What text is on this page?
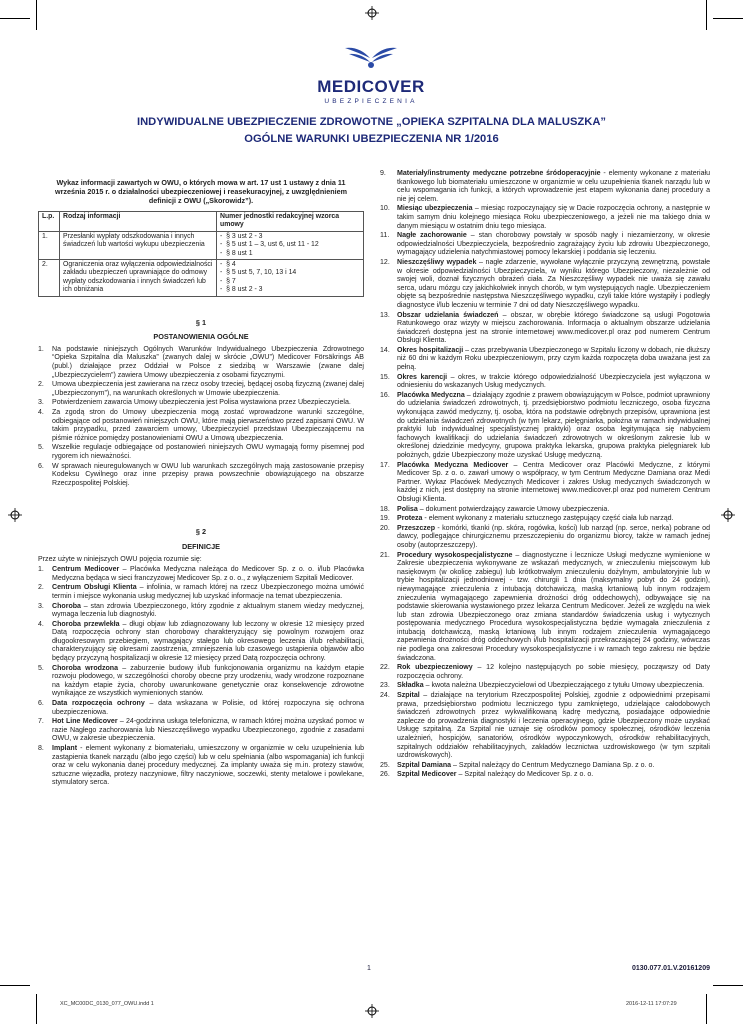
MEDICOVER
UBEZPIECZENIA
INDYWIDUALNE UBEZPIECZENIE ZDROWOTNE „OPIEKA SZPITALNA DLA MALUSZKA”
OGÓLNE WARUNKI UBEZPIECZENIA NR 1/2016
Wykaz informacji zawartych w OWU, o których mowa w art. 17 ust 1 ustawy z dnia 11 września 2015 r. o działalności ubezpieczeniowej i reasekuracyjnej, z uwzględnieniem definicji z OWU („Skorowidz”).
L.p.	Rodzaj informacji	Numer jednostki redakcyjnej wzorca umowy
1.	Przesłanki wypłaty odszkodowania i innych świadczeń lub wartości wykupu ubezpieczenia	-  § 3 ust 2 - 3
-  § 5 ust 1 – 3, ust 6, ust 11 - 12
-  § 8 ust 1

2.	Ograniczenia oraz wyłączenia odpowiedzialności zakładu ubezpieczeń uprawniające do odmowy wypłaty odszkodowania i innych świadczeń lub ich obniżania	-  § 4
-  § 5 ust 5, 7, 10, 13 i 14
-  § 7
-  § 8 ust 2 - 3
§ 1
POSTANOWIENIA OGÓLNE
1. Na podstawie niniejszych Ogólnych Warunków Indywidualnego Ubezpieczenia Zdrowotnego “Opieka Szpitalna dla Maluszka” (zwanych dalej w skrócie „OWU”) Medicover Försäkrings AB (publ.) działające przez Oddział w Polsce z siedzibą w Warszawie (zwane dalej „Ubezpieczycielem”) zawiera Umowy ubezpieczenia z osobami fizycznymi.
2. Umowa ubezpieczenia jest zawierana na rzecz osoby trzeciej, będącej osobą fizyczną (zwanej dalej „Ubezpieczonym”), na warunkach określonych w Umowie ubezpieczenia.
3. Potwierdzeniem zawarcia Umowy ubezpieczenia jest Polisa wystawiona przez Ubezpieczyciela.
4. Za zgodą stron do Umowy ubezpieczenia mogą zostać wprowadzone warunki szczególne, odbiegające od postanowień niniejszych OWU, które mają pierwszeństwo przed zapisami OWU. W takim przypadku, przed zawarciem umowy, Ubezpieczyciel przedstawi Ubezpieczającemu na piśmie różnice pomiędzy postanowieniami OWU a Umową ubezpieczenia.
5. Wszelkie regulacje odbiegające od postanowień niniejszych OWU wymagają formy pisemnej pod rygorem ich nieważności.
6. W sprawach nieuregulowanych w OWU lub warunkach szczególnych mają zastosowanie przepisy Kodeksu Cywilnego oraz inne przepisy prawa powszechnie obowiązującego na obszarze Rzeczpospolitej Polskiej.
§ 2
DEFINICJE

Przez użyte w niniejszych OWU pojęcia rozumie się:

1. Centrum Medicover – Placówka Medyczna należąca do Medicover Sp. z o. o. i/lub Placówka Medyczna będąca w sieci franczyzowej Medicover Sp. z o. o., z wyłączeniem Szpitali Medicover.
2. Centrum Obsługi Klienta – infolinia, w ramach której na rzecz Ubezpieczonego można umówić termin i miejsce wykonania usług medycznej lub uzyskać informacje na temat ubezpieczenia.
3. Choroba – stan zdrowia Ubezpieczonego, który zgodnie z aktualnym stanem wiedzy medycznej, wymaga leczenia lub diagnostyki.
4. Choroba przewlekła – długi objaw lub zdiagnozowany lub leczony w okresie 12 miesięcy przed Datą rozpoczęcia ochrony stan chorobowy charakteryzujący się powolnym rozwojem oraz długookresowym przebiegiem, wymagający stałego lub okresowego leczenia i/lub rehabilitacji, charakteryzujący się okresami zaostrzenia, zmniejszenia lub czasowego ustąpienia objawów albo będący przyczyną hospitalizacji w okresie 12 miesięcy przed Datą rozpoczęcia ochrony.
5. Choroba wrodzona – zaburzenie budowy i/lub funkcjonowania organizmu na każdym etapie rozwoju płodowego, w szczególności choroby obecne przy urodzeniu, wady wrodzone rozpoznane na każdym etapie życia, choroby uwarunkowane genetycznie oraz konsekwencje zdrowotne wynikające ze wszystkich wymienionych stanów.
6. Data rozpoczęcia ochrony – data wskazana w Polisie, od której rozpoczyna się ochrona ubezpieczeniowa.
7. Hot Line Medicover – 24-godzinna usługa telefoniczna, w ramach której można uzyskać pomoc w razie Nagłego zachorowania lub Nieszczęśliwego wypadku Ubezpieczonego, zgodnie z zasadami OWU, w zakresie ubezpieczenia.
8. Implant - element wykonany z biomateriału, umieszczony w organizmie w celu uzupełnienia lub zastąpienia tkanek narządu (albo jego części) lub w celu spełniania (albo wspomagania) ich funkcji oraz w celu wykonania danej procedury medycznej. Za implanty uważa się m.in. protezy stawów, sztuczne więzadła, protezy naczyniowe, filtry naczyniowe, soczewki, stenty metalowe i powlekane, stymulatory serca.
9. Materiały/instrumenty medyczne potrzebne śródoperacyjnie - elementy wykonane z materiału tkankowego lub biomateriału umieszczone w organizmie w celu uzupełnienia tkanek narządu lub w celu wspomagania ich funkcji, a których wprowadzenie jest etapem wykonania danej procedury a nie jej celem.
10. Miesiąc ubezpieczenia – miesiąc rozpoczynający się w Dacie rozpoczęcia ochrony, a następnie w takim samym dniu kolejnego miesiąca Roku ubezpieczeniowego, a jeżeli nie ma takiego dnia w danym miesiącu w ostatnim dniu tego miesiąca.
11. Nagłe zachorowanie – stan chorobowy powstały w sposób nagły i niezamierzony, w okresie odpowiedzialności Ubezpieczyciela, bezpośrednio zagrażający życiu lub zdrowiu Ubezpieczonego, wymagający udzielenia natychmiastowej pomocy lekarskiej i poddania się leczeniu.
12. Nieszczęśliwy wypadek – nagłe zdarzenie, wywołane wyłącznie przyczyną zewnętrzną, powstałe w okresie odpowiedzialności Ubezpieczyciela, w wyniku którego Ubezpieczony, niezależnie od swojej woli, doznał fizycznych obrażeń ciała. Za Nieszczęśliwy wypadek nie uważa się zawału serca, udaru mózgu czy jakichkolwiek innych chorób, w tym występujących nagle. Ubezpieczeniem objęte są bezpośrednie następstwa Nieszczęśliwego wypadku, czyli takie które wystąpiły i podległy diagnostyce i/lub leczeniu w terminie 7 dni od daty Nieszczęśliwego wypadku.
13. Obszar udzielania świadczeń – obszar, w obrębie którego świadczone są usługi Pogotowia Ratunkowego oraz wizyty w miejscu zachorowania. Informacja o aktualnym obszarze udzielania świadczeń dostępna jest na stronie internetowej www.medicover.pl oraz pod numerem Centrum Obsługi Klienta.
14. Okres hospitalizacji – czas przebywania Ubezpieczonego w Szpitalu liczony w dobach, nie dłuższy niż 60 dni w każdym Roku ubezpieczeniowym, przy czym każda rozpoczęta doba uważana jest za pełną.
15. Okres karencji – okres, w trakcie którego odpowiedzialność Ubezpieczyciela jest wyłączona w odniesieniu do wskazanych Usług medycznych.
16. Placówka Medyczna – działający zgodnie z prawem obowiązującym w Polsce, podmiot uprawniony do udzielania świadczeń zdrowotnych, tj. przedsiębiorstwo podmiotu leczniczego, osoba fizyczna wykonująca zawód medyczny, tj. osoba, która na podstawie odrębnych przepisów, uprawniona jest do udzielania świadczeń zdrowotnych (w tym lekarz, pielęgniarka, położna w ramach indywidualnej praktyki lub indywidualnej specjalistycznej praktyki) oraz osoba legitymująca się nabyciem fachowych kwalifikacji do udzielania świadczeń zdrowotnych w określonym zakresie lub w określonej dziedzinie medycyny, grupowa praktyka lekarska, grupowa praktyka pielęgniarek lub położnych, gdzie Ubezpieczony może uzyskać Usługę medyczną.
17. Placówka Medyczna Medicover – Centra Medicover oraz Placówki Medyczne, z którymi Medicover Sp. z o. o. zawarł umowy o współpracy, w tym Centrum Medyczne Damiana oraz Medi Partner. Wykaz Placówek Medycznych Medicover i zakres Usług medycznych świadczonych w każdej z nich, jest dostępny na stronie internetowej www.medicover.pl oraz pod numerem Centrum Obsługi Klienta.
18. Polisa – dokument potwierdzający zawarcie Umowy ubezpieczenia.
19. Proteza - element wykonany z materiału sztucznego zastępujący część ciała lub narząd.
20. Przeszczep - komórki, tkanki (np. skóra, rogówka, kości) lub narząd (np. serce, nerka) pobrane od dawcy, podlegające chirurgicznemu przeszczepieniu do organizmu biorcy, także w ramach jednej osoby (autoprzeszczepy).
21. Procedury wysokospecjalistyczne – diagnostyczne i lecznicze Usługi medyczne wymienione w Zakresie ubezpieczenia wykonywane ze wskazań medycznych, w znieczuleniu miejscowym lub nasiękowym (w okolicę zabiegu) lub krótkotrwałym znieczuleniu dożylnym, ambulatoryjnie lub w trybie hospitalizacji jednodniowej - tzw. chirurgii 1 dnia (maksymalny pobyt do 24 godzin), niewymagające znieczulenia z intubacją dotchawiczą, maską krtaniową lub innym rodzajem znieczulenia wymagającego zapewnienia drożności dróg oddechowych), odbywające się na podstawie skierowania wystawionego przez lekarza Centrum Medicover. Jeżeli ze względu na wiek lub stan zdrowia Ubezpieczonego oraz zmiana standardów świadczenia usług i wytycznych postępowania medycznego Procedura wysokospecjalistyczna będzie wymagała znieczulenia z intubacją dotchawiczą, maską krtaniową lub innym rodzajem znieczulenia wymagającego zapewnienia drożności dróg oddechowych i/lub hospitalizacji przekraczającej 24 godziny, wówczas nie podlega ona zakresowi Procedury wysokospecjalistyczne i w ramach tego zakresu nie będzie świadczona.
22. Rok ubezpieczeniowy – 12 kolejno następujących po sobie miesięcy, począwszy od Daty rozpoczęcia ochrony.
23. Składka – kwota należna Ubezpieczycielowi od Ubezpieczającego z tytułu Umowy ubezpieczenia.
24. Szpital – działające na terytorium Rzeczpospolitej Polskiej, zgodnie z odpowiednimi przepisami prawa, przedsiębiorstwo podmiotu leczniczego typu zamkniętego, udzielające całodobowych świadczeń zdrowotnych przez wykwalifikowaną kadrę medyczną, posiadające odpowiednie zaplecze do prowadzenia diagnostyki i leczenia operacyjnego, gdzie Ubezpieczony może uzyskać Usługę szpitalną. Za Szpital nie uznaje się ośrodków pomocy społecznej, ośrodków leczenia uzależnień, hospicjów, sanatoriów, ośrodków wypoczynkowych, ośrodków rehabilitacyjnych, szpitalnych oddziałów rehabilitacyjnych, zakładów lecznictwa uzdrowiskowego (w tym szpitali uzdrowiskowych).
25. Szpital Damiana – Szpital należący do Centrum Medycznego Damiana Sp. z o. o.
26. Szpital Medicover – Szpital należący do Medicover Sp. z o. o.
1	0130.077.01.V.20161209
XC_MC00DC_0130_077_OWU.indd 1	2016-12-11 17:07:29
